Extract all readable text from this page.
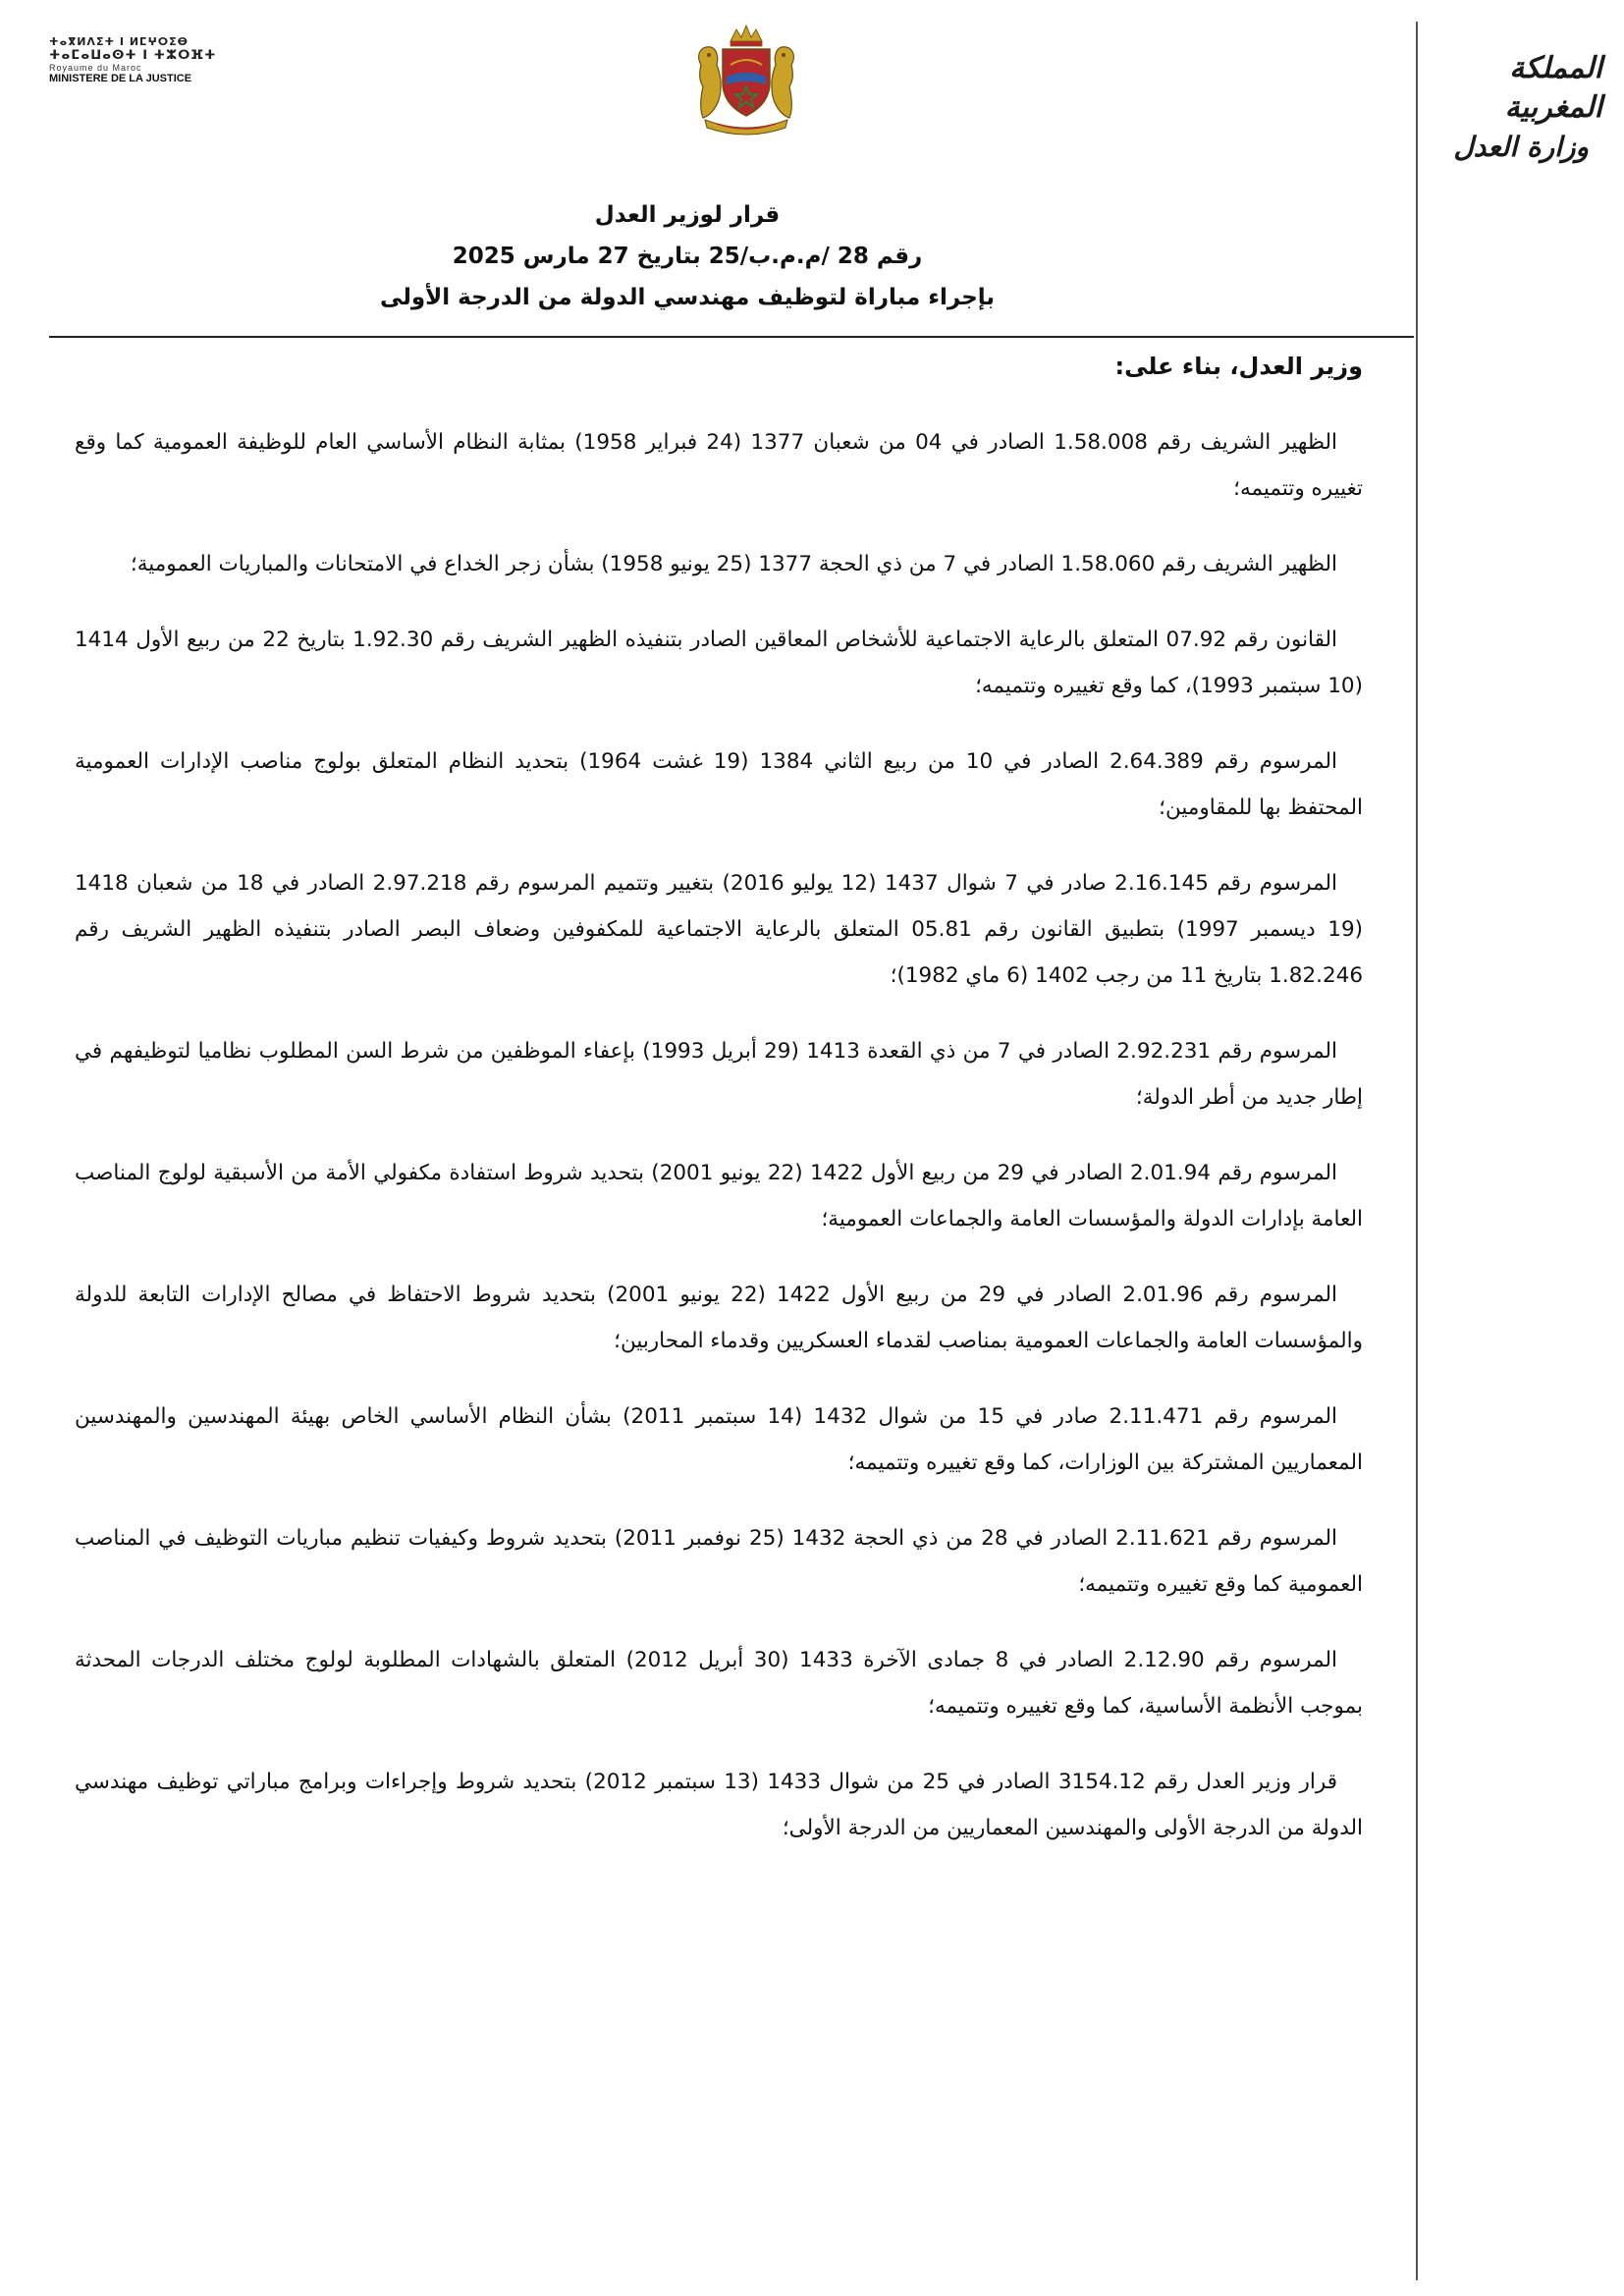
ⵜⴰⴳⵍⴷⵉⵜ ⵏ ⵍⵎⵖⵔⵉⴱ
ⵜⴰⵎⴰⵡⴰⵙⵜ ⵏ ⵜⵣⵔⴼⵜ
Royaume du Maroc
MINISTERE DE LA JUSTICE	المملكة المغربية
وزارة العدل
قرار لوزير العدل
رقم 28 /م.م.ب/25 بتاريخ 27 مارس 2025
بإجراء مباراة لتوظيف مهندسي الدولة من الدرجة الأولى
وزير العدل، بناء على:
الظهير الشريف رقم 1.58.008 الصادر في 04 من شعبان 1377 (24 فبراير 1958) بمثابة النظام الأساسي العام للوظيفة العمومية كما وقع تغييره وتتميمه؛
الظهير الشريف رقم 1.58.060 الصادر في 7 من ذي الحجة 1377 (25 يونيو 1958) بشأن زجر الخداع في الامتحانات والمباريات العمومية؛
القانون رقم 07.92 المتعلق بالرعاية الاجتماعية للأشخاص المعاقين الصادر بتنفيذه الظهير الشريف رقم 1.92.30 بتاريخ 22 من ربيع الأول 1414 (10 سبتمبر 1993)، كما وقع تغييره وتتميمه؛
المرسوم رقم 2.64.389 الصادر في 10 من ربيع الثاني 1384 (19 غشت 1964) بتحديد النظام المتعلق بولوج مناصب الإدارات العمومية المحتفظ بها للمقاومين؛
المرسوم رقم 2.16.145 صادر في 7 شوال 1437 (12 يوليو 2016) بتغيير وتتميم المرسوم رقم 2.97.218 الصادر في 18 من شعبان 1418 (19 ديسمبر 1997) بتطبيق القانون رقم 05.81 المتعلق بالرعاية الاجتماعية للمكفوفين وضعاف البصر الصادر بتنفيذه الظهير الشريف رقم 1.82.246 بتاريخ 11 من رجب 1402 (6 ماي 1982)؛
المرسوم رقم 2.92.231 الصادر في 7 من ذي القعدة 1413 (29 أبريل 1993) بإعفاء الموظفين من شرط السن المطلوب نظاميا لتوظيفهم في إطار جديد من أطر الدولة؛
المرسوم رقم 2.01.94 الصادر في 29 من ربيع الأول 1422 (22 يونيو 2001) بتحديد شروط استفادة مكفولي الأمة من الأسبقية لولوج المناصب العامة بإدارات الدولة والمؤسسات العامة والجماعات العمومية؛
المرسوم رقم 2.01.96 الصادر في 29 من ربيع الأول 1422 (22 يونيو 2001) بتحديد شروط الاحتفاظ في مصالح الإدارات التابعة للدولة والمؤسسات العامة والجماعات العمومية بمناصب لقدماء العسكريين وقدماء المحاربين؛
المرسوم رقم 2.11.471 صادر في 15 من شوال 1432 (14 سبتمبر 2011) بشأن النظام الأساسي الخاص بهيئة المهندسين والمهندسين المعماريين المشتركة بين الوزارات، كما وقع تغييره وتتميمه؛
المرسوم رقم 2.11.621 الصادر في 28 من ذي الحجة 1432 (25 نوفمبر 2011) بتحديد شروط وكيفيات تنظيم مباريات التوظيف في المناصب العمومية كما وقع تغييره وتتميمه؛
المرسوم رقم 2.12.90 الصادر في 8 جمادى الآخرة 1433 (30 أبريل 2012) المتعلق بالشهادات المطلوبة لولوج مختلف الدرجات المحدثة بموجب الأنظمة الأساسية، كما وقع تغييره وتتميمه؛
قرار وزير العدل رقم 3154.12 الصادر في 25 من شوال 1433 (13 سبتمبر 2012) بتحديد شروط وإجراءات وبرامج مباراتي توظيف مهندسي الدولة من الدرجة الأولى والمهندسين المعماريين من الدرجة الأولى؛
